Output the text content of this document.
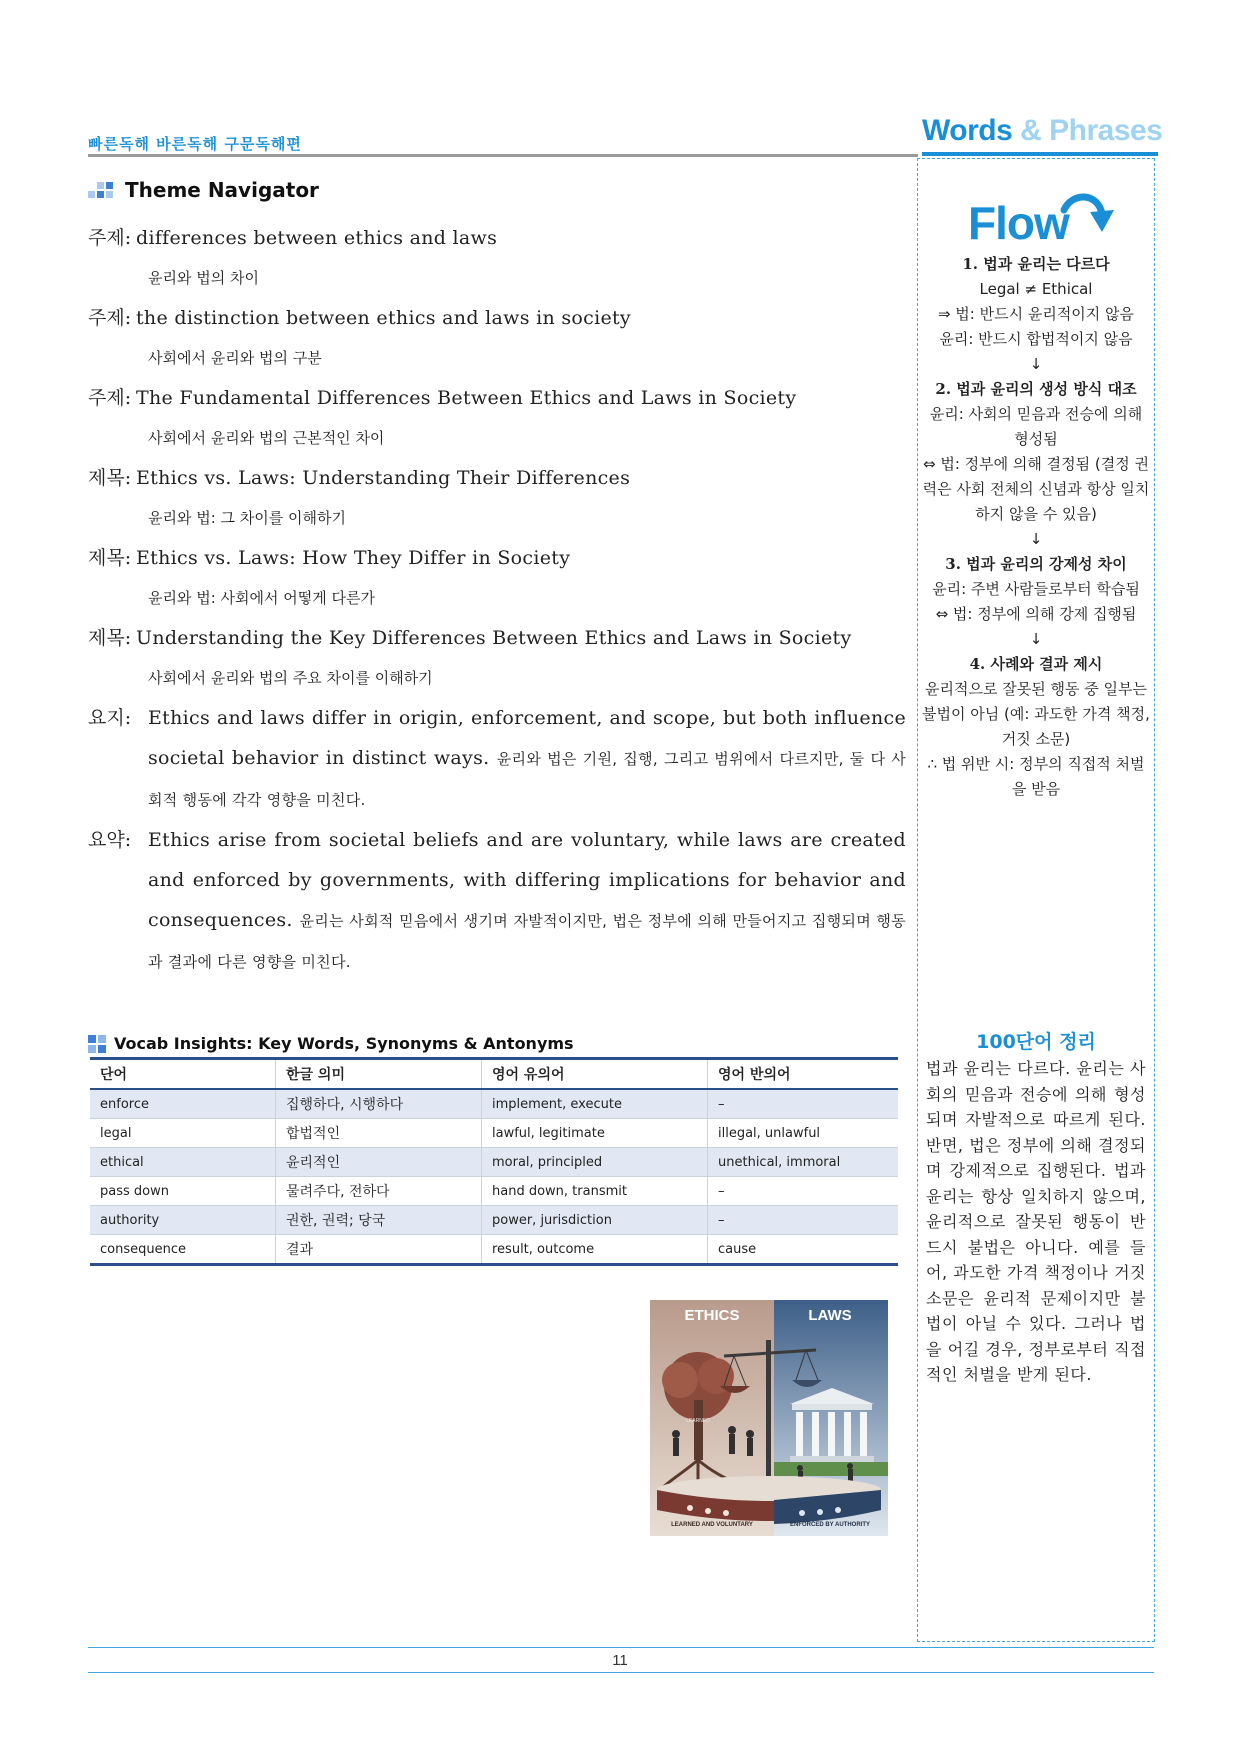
빠른독해 바른독해 구문독해편	Words & Phrases
Theme Navigator
주제: differences between ethics and laws
윤리와 법의 차이
주제: the distinction between ethics and laws in society
사회에서 윤리와 법의 구분
주제: The Fundamental Differences Between Ethics and Laws in Society
사회에서 윤리와 법의 근본적인 차이
제목: Ethics vs. Laws: Understanding Their Differences
윤리와 법: 그 차이를 이해하기
제목: Ethics vs. Laws: How They Differ in Society
윤리와 법: 사회에서 어떻게 다른가
제목: Understanding the Key Differences Between Ethics and Laws in Society
사회에서 윤리와 법의 주요 차이를 이해하기
요지: Ethics and laws differ in origin, enforcement, and scope, but both influence societal behavior in distinct ways. 윤리와 법은 기원, 집행, 그리고 범위에서 다르지만, 둘 다 사회적 행동에 각각 영향을 미친다.
요약: Ethics arise from societal beliefs and are voluntary, while laws are created and enforced by governments, with differing implications for behavior and consequences. 윤리는 사회적 믿음에서 생기며 자발적이지만, 법은 정부에 의해 만들어지고 집행되며 행동과 결과에 다른 영향을 미친다.
Flow
1. 법과 윤리는 다르다
Legal ≠ Ethical
⇒ 법: 반드시 윤리적이지 않음
윤리: 반드시 합법적이지 않음
↓
2. 법과 윤리의 생성 방식 대조
윤리: 사회의 믿음과 전승에 의해 형성됨
⇔ 법: 정부에 의해 결정됨 (결정 권력은 사회 전체의 신념과 항상 일치하지 않을 수 있음)
↓
3. 법과 윤리의 강제성 차이
윤리: 주변 사람들로부터 학습됨
⇔ 법: 정부에 의해 강제 집행됨
↓
4. 사례와 결과 제시
윤리적으로 잘못된 행동 중 일부는 불법이 아님 (예: 과도한 가격 책정, 거짓 소문)
∴ 법 위반 시: 정부의 직접적 처벌을 받음
100단어 정리
법과 윤리는 다르다. 윤리는 사회의 믿음과 전승에 의해 형성되며 자발적으로 따르게 된다. 반면, 법은 정부에 의해 결정되며 강제적으로 집행된다. 법과 윤리는 항상 일치하지 않으며, 윤리적으로 잘못된 행동이 반드시 불법은 아니다. 예를 들어, 과도한 가격 책정이나 거짓 소문은 윤리적 문제이지만 불법이 아닐 수 있다. 그러나 법을 어길 경우, 정부로부터 직접적인 처벌을 받게 된다.
Vocab Insights: Key Words, Synonyms & Antonyms
단어	한글 의미	영어 유의어	영어 반의어
enforce	집행하다, 시행하다	implement, execute	–
legal	합법적인	lawful, legitimate	illegal, unlawful
ethical	윤리적인	moral, principled	unethical, immoral
pass down	물려주다, 전하다	hand down, transmit	–
authority	권한, 권력; 당국	power, jurisdiction	–
consequence	결과	result, outcome	cause
ETHICS	LAWS
LEARNED
LEARNED AND VOLUNTARY	ENFORCED BY AUTHORITY
11
